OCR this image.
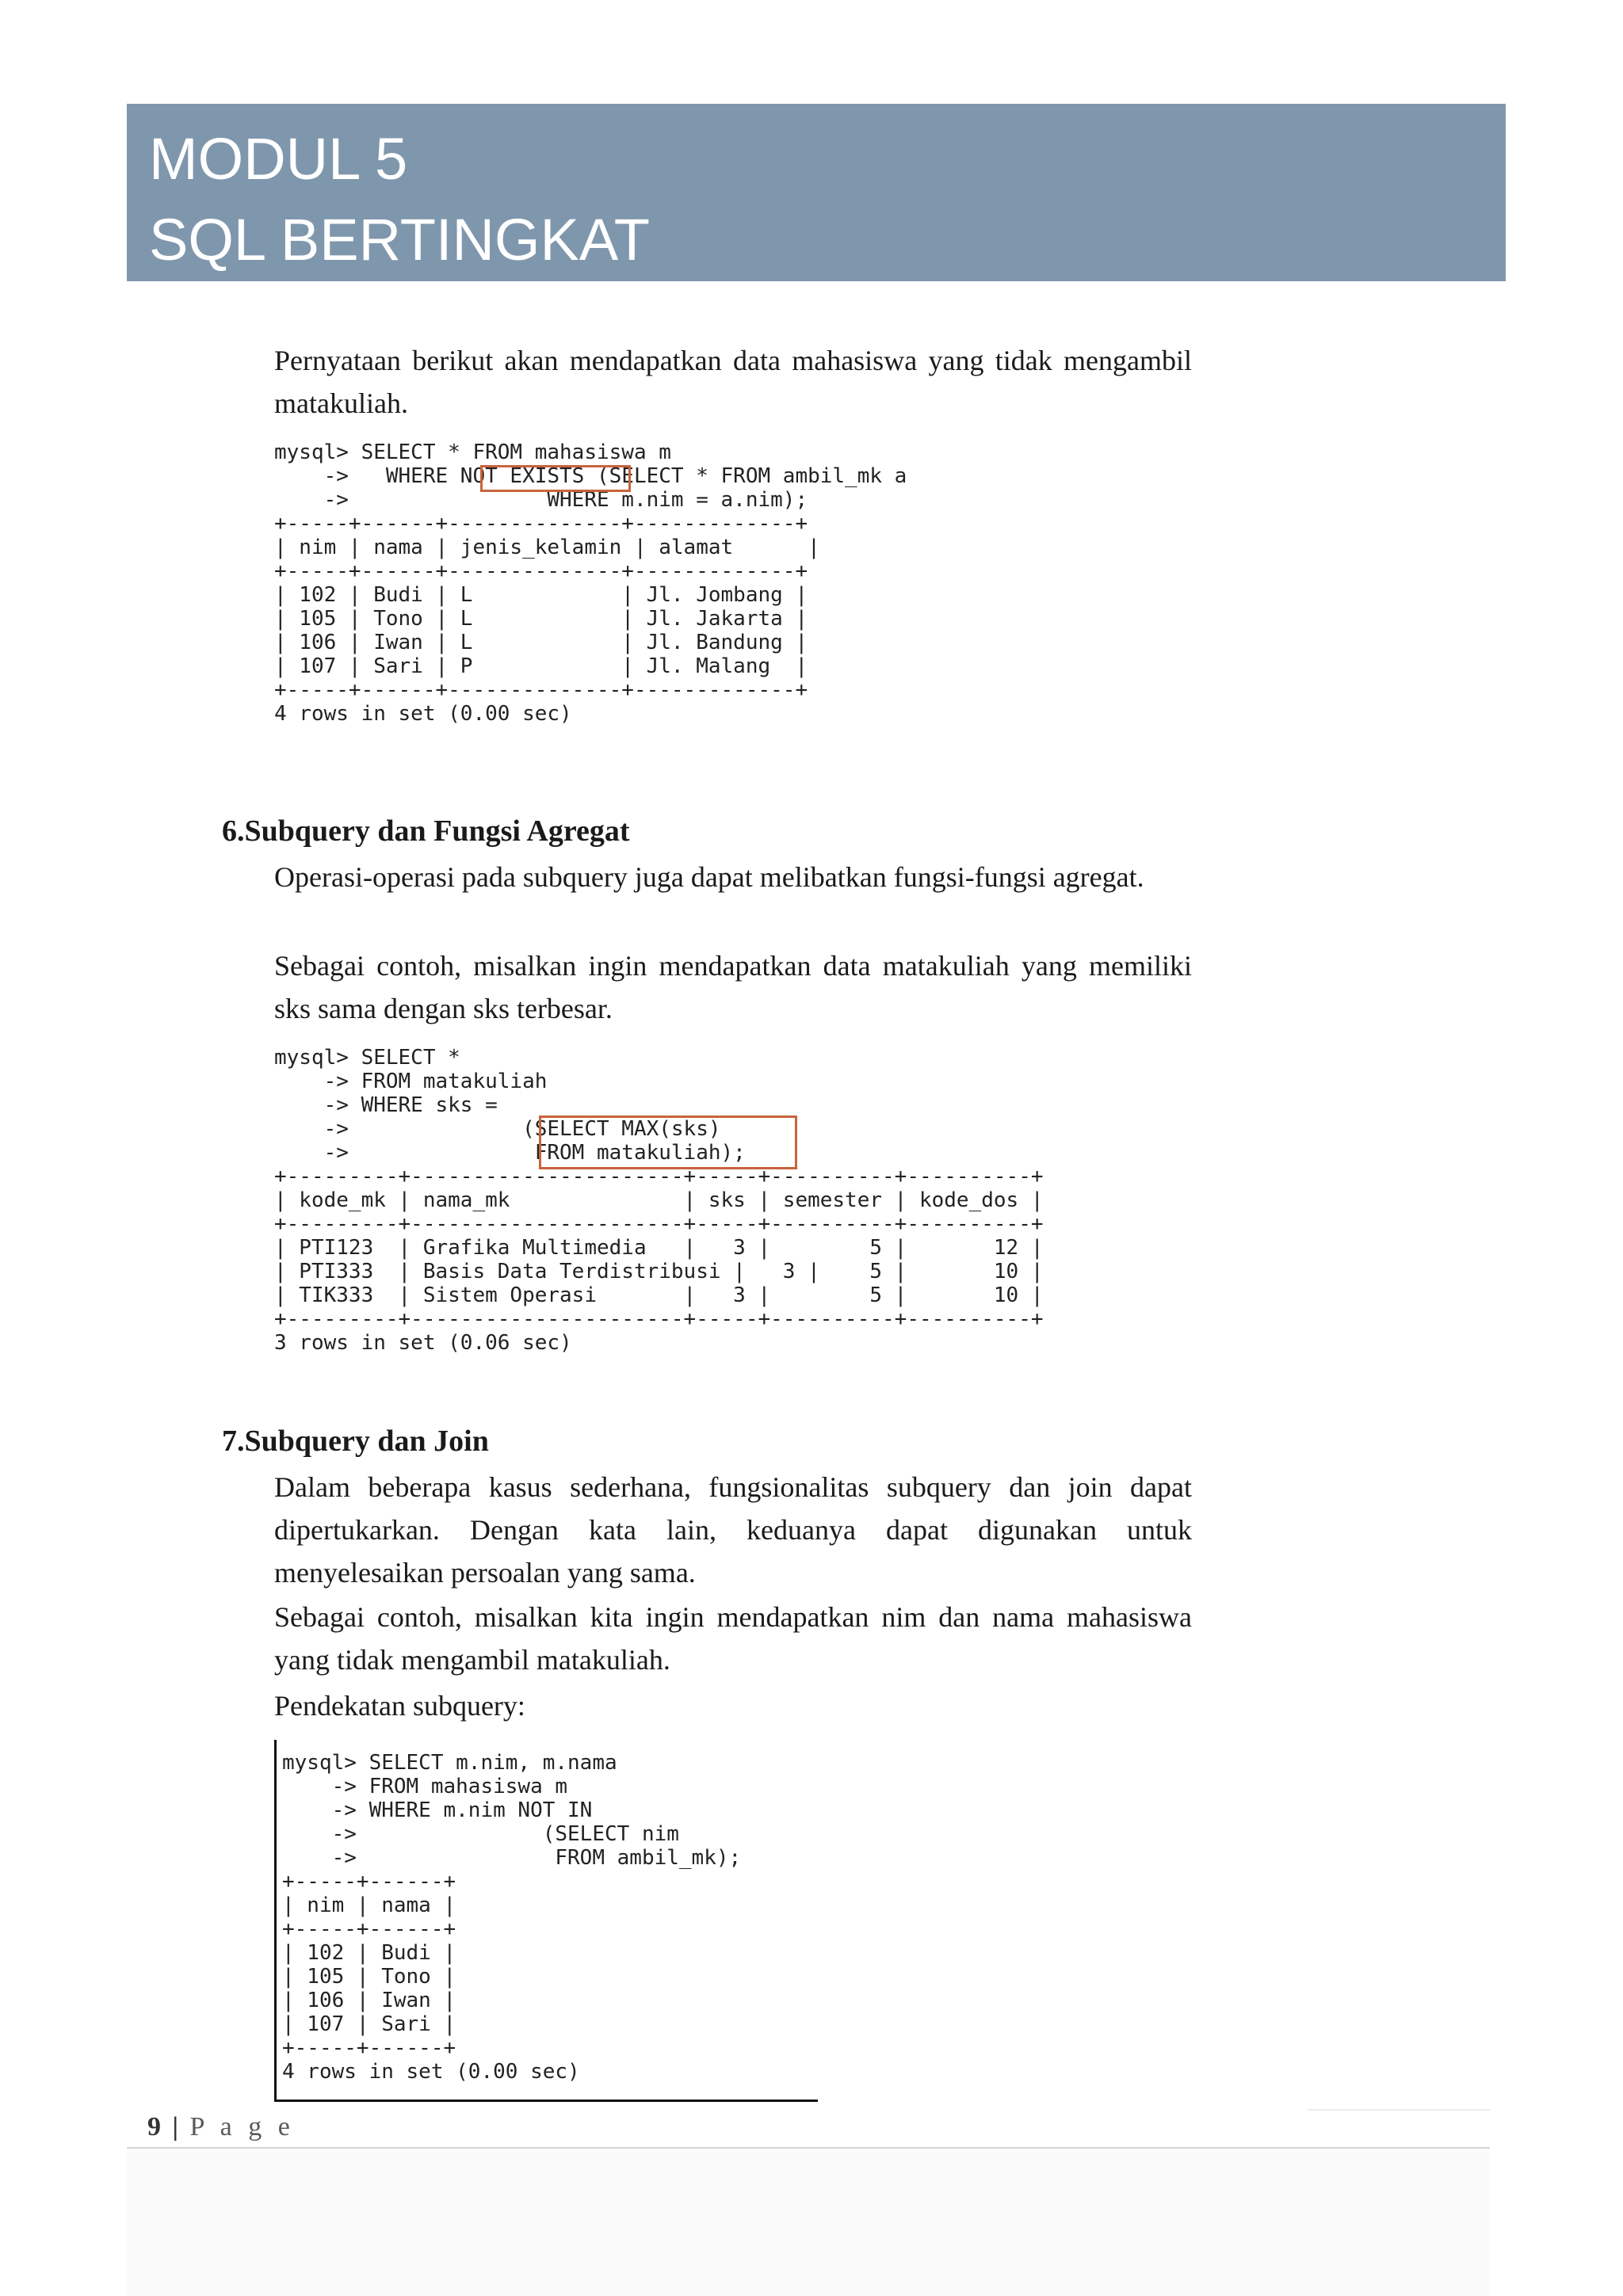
MODUL 5
SQL BERTINGKAT

Pernyataan berikut akan mendapatkan data mahasiswa yang tidak mengambil matakuliah.

mysql> SELECT * FROM mahasiswa m
->   WHERE NOT EXISTS (SELECT * FROM ambil_mk a
->                WHERE m.nim = a.nim);
+-----+------+--------------+-------------+
| nim | nama | jenis_kelamin | alamat      |
+-----+------+--------------+-------------+
| 102 | Budi | L            | Jl. Jombang |
| 105 | Tono | L            | Jl. Jakarta |
| 106 | Iwan | L            | Jl. Bandung |
| 107 | Sari | P            | Jl. Malang  |
+-----+------+--------------+-------------+
4 rows in set (0.00 sec)

6.Subquery dan Fungsi Agregat

Operasi-operasi pada subquery juga dapat melibatkan fungsi-fungsi agregat.

Sebagai contoh, misalkan ingin mendapatkan data matakuliah yang memiliki sks sama dengan sks terbesar.

mysql> SELECT *
-> FROM matakuliah
-> WHERE sks =
->              (SELECT MAX(sks)
->               FROM matakuliah);
+---------+----------------------+-----+----------+----------+
| kode_mk | nama_mk              | sks | semester | kode_dos |
+---------+----------------------+-----+----------+----------+
| PTI123  | Grafika Multimedia   |   3 |        5 |       12 |
| PTI333  | Basis Data Terdistribusi |   3 |    5 |       10 |
| TIK333  | Sistem Operasi       |   3 |        5 |       10 |
+---------+----------------------+-----+----------+----------+
3 rows in set (0.06 sec)

7.Subquery dan Join

Dalam beberapa kasus sederhana, fungsionalitas subquery dan join dapat dipertukarkan. Dengan kata lain, keduanya dapat digunakan untuk menyelesaikan persoalan yang sama.

Sebagai contoh, misalkan kita ingin mendapatkan nim dan nama mahasiswa yang tidak mengambil matakuliah.

Pendekatan subquery:

mysql> SELECT m.nim, m.nama
-> FROM mahasiswa m
-> WHERE m.nim NOT IN
->               (SELECT nim
->                FROM ambil_mk);
+-----+------+
| nim | nama |
+-----+------+
| 102 | Budi |
| 105 | Tono |
| 106 | Iwan |
| 107 | Sari |
+-----+------+
4 rows in set (0.00 sec)
9 | P a g e
